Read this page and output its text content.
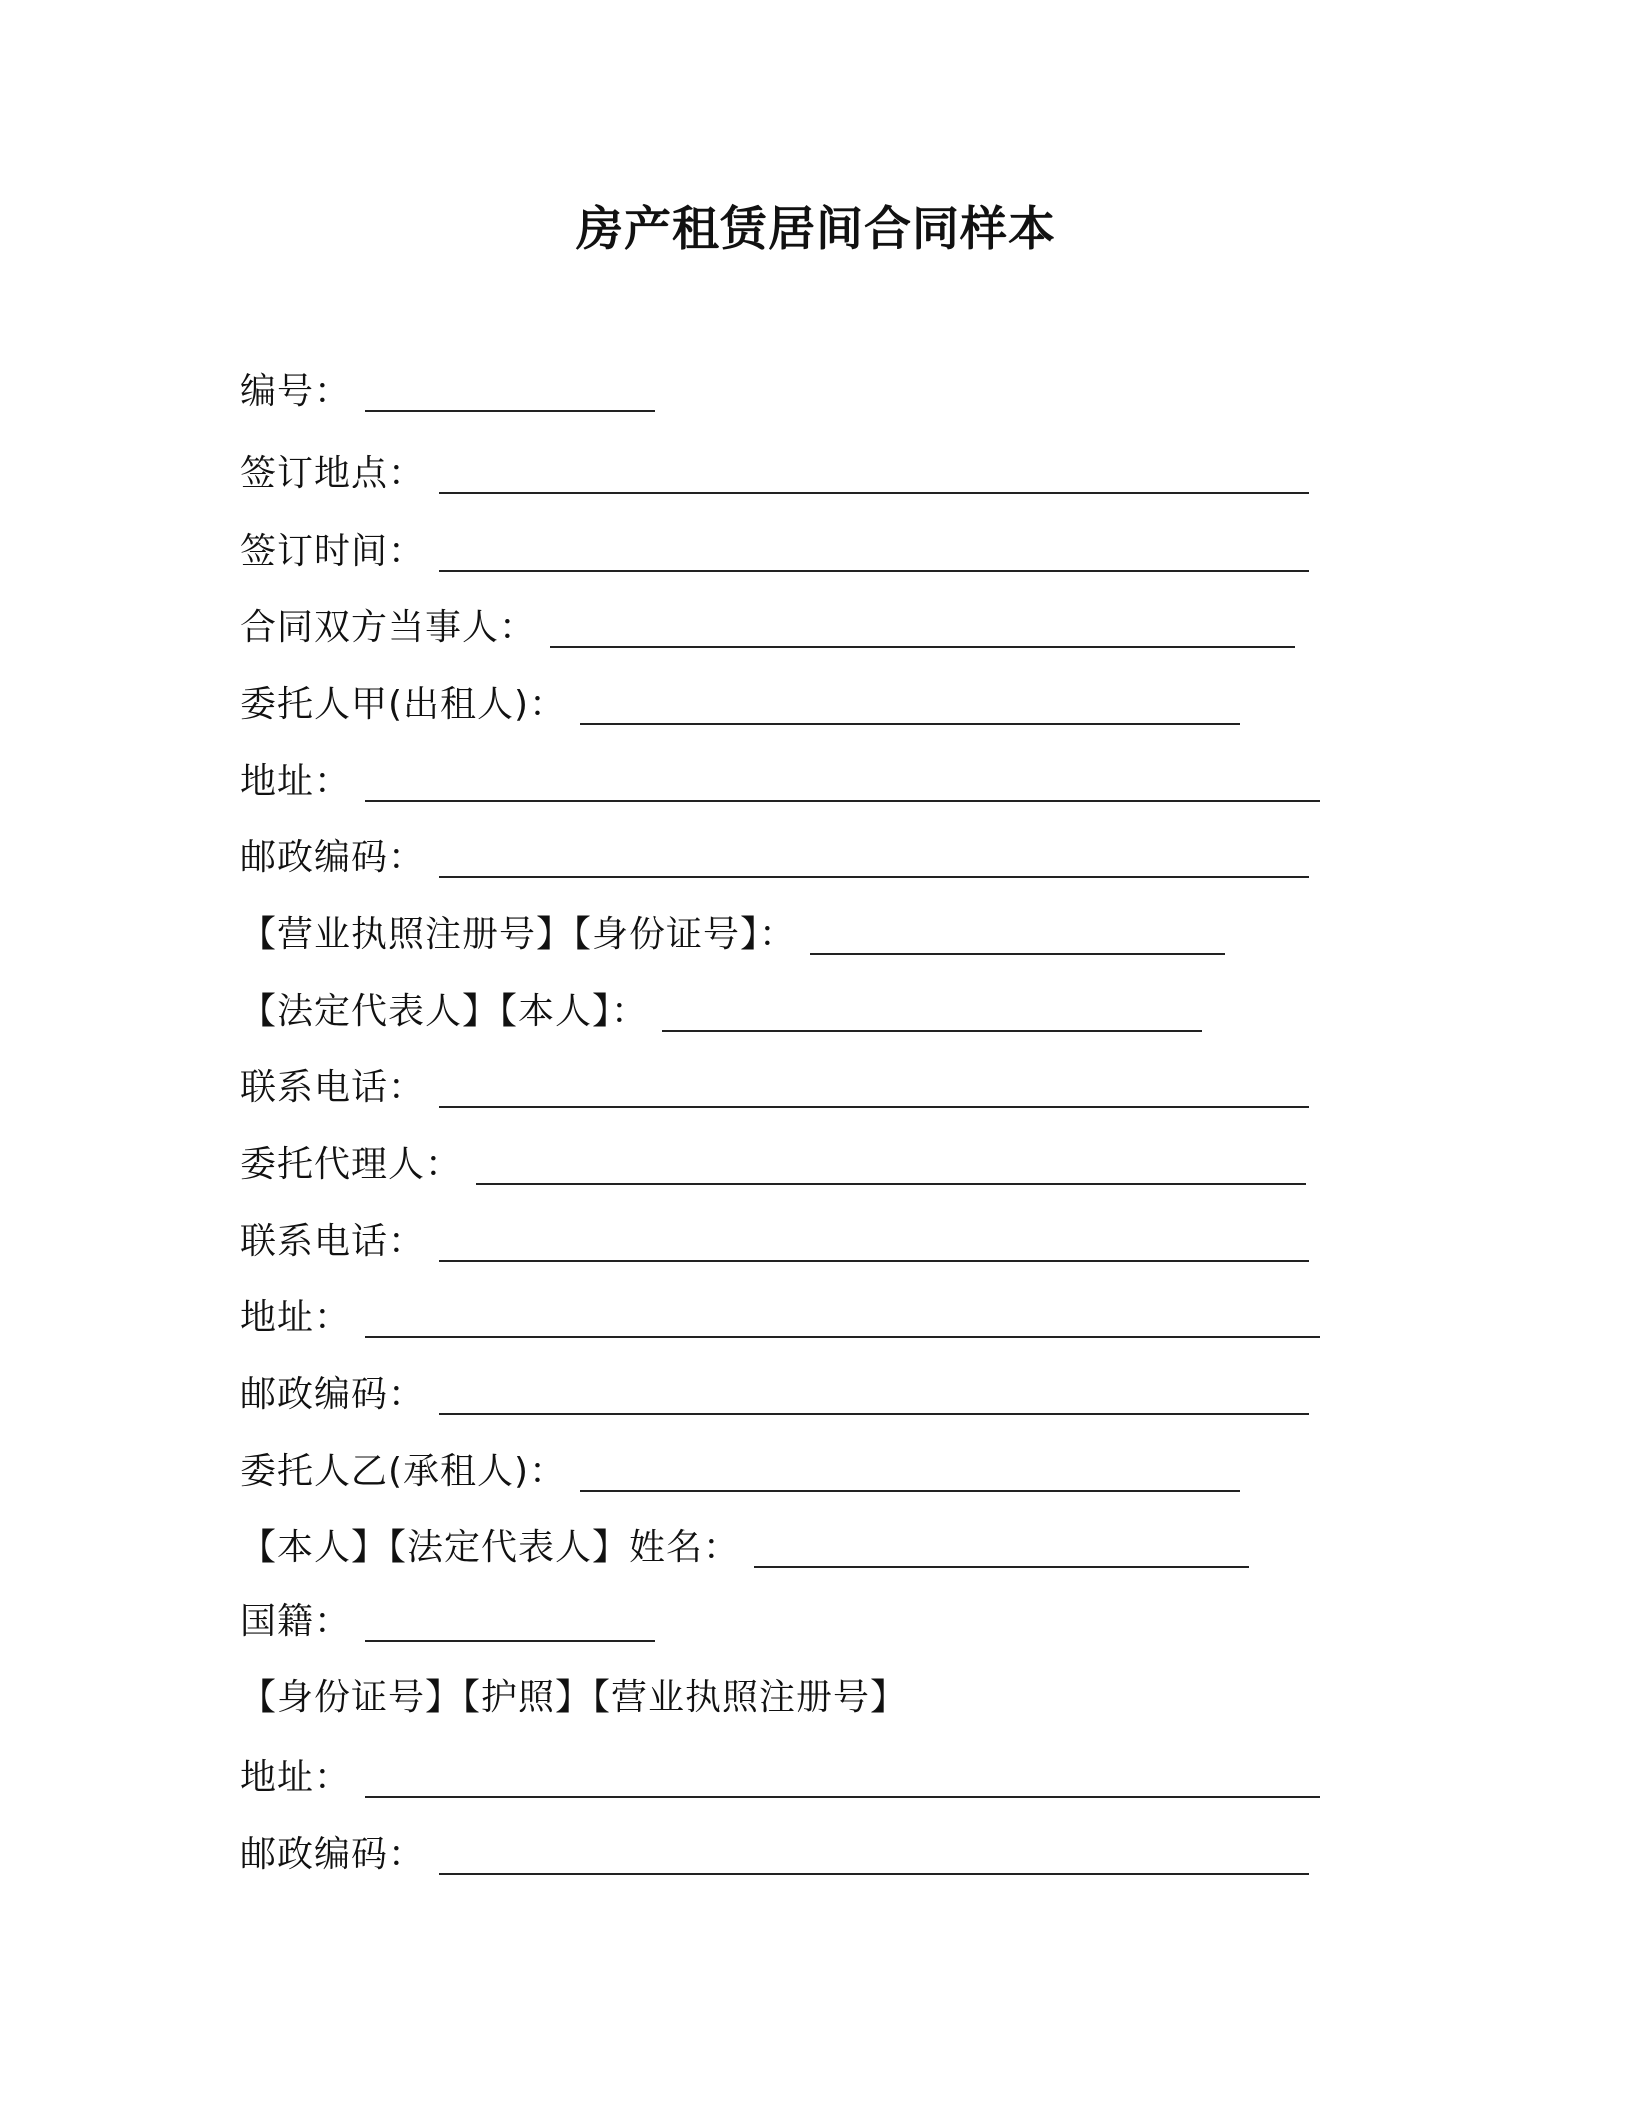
房产租赁居间合同样本
编号：
签订地点：
签订时间：
合同双方当事人：
委托人甲(出租人)：
地址：
邮政编码：
【营业执照注册号】【身份证号】：
【法定代表人】【本人】：
联系电话：
委托代理人：
联系电话：
地址：
邮政编码：
委托人乙(承租人)：
【本人】【法定代表人】姓名：
国籍：
【身份证号】【护照】【营业执照注册号】
地址：
邮政编码：
